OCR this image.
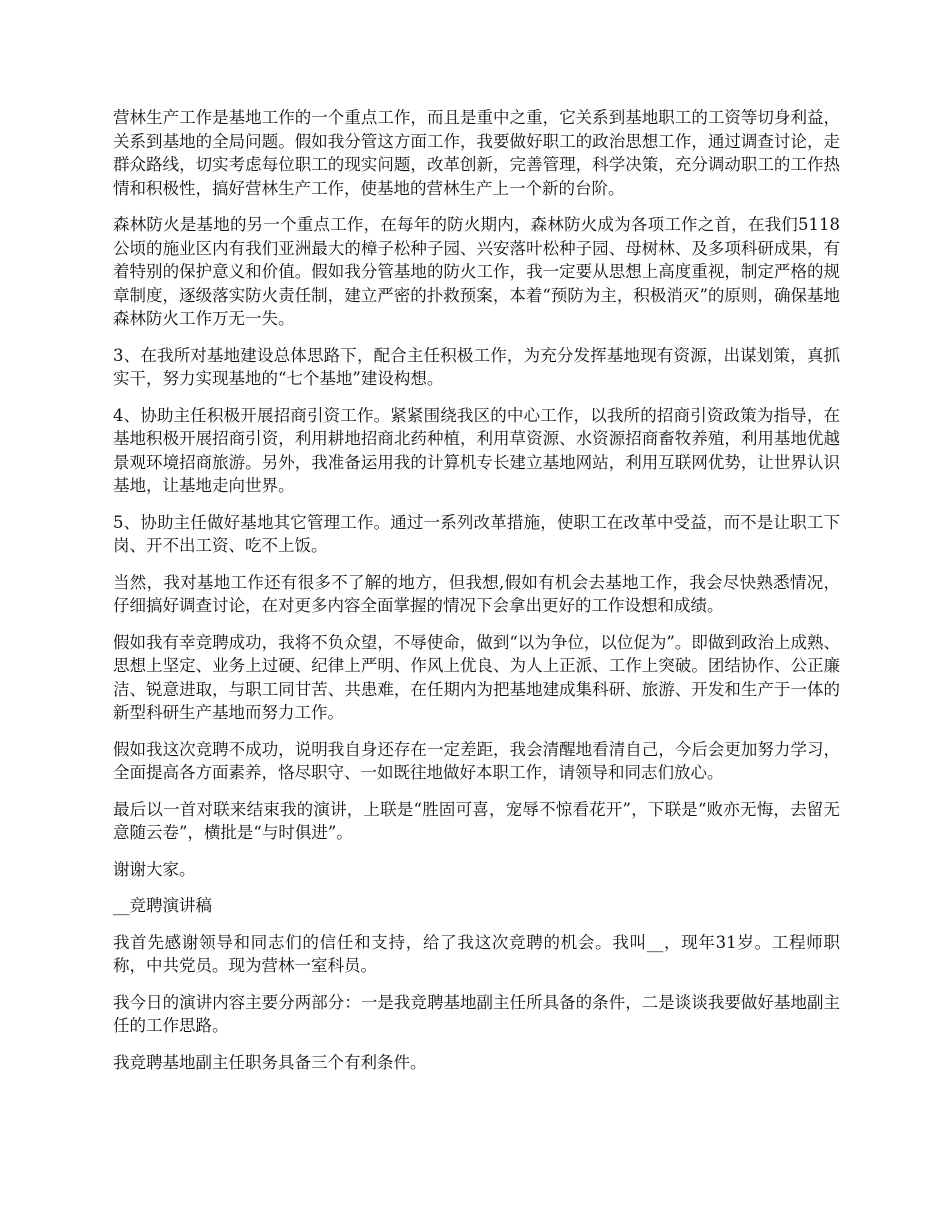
营林生产工作是基地工作的一个重点工作，而且是重中之重，它关系到基地职工的工资等切身利益，关系到基地的全局问题。假如我分管这方面工作，我要做好职工的政治思想工作，通过调查讨论，走群众路线，切实考虑每位职工的现实问题，改革创新，完善管理，科学决策，充分调动职工的工作热情和积极性，搞好营林生产工作，使基地的营林生产上一个新的台阶。

森林防火是基地的另一个重点工作，在每年的防火期内，森林防火成为各项工作之首，在我们5118公顷的施业区内有我们亚洲最大的樟子松种子园、兴安落叶松种子园、母树林、及多项科研成果，有着特别的保护意义和价值。假如我分管基地的防火工作，我一定要从思想上高度重视，制定严格的规章制度，逐级落实防火责任制，建立严密的扑救预案，本着“预防为主，积极消灭”的原则，确保基地森林防火工作万无一失。

3、在我所对基地建设总体思路下，配合主任积极工作，为充分发挥基地现有资源，出谋划策，真抓实干，努力实现基地的“七个基地”建设构想。

4、协助主任积极开展招商引资工作。紧紧围绕我区的中心工作，以我所的招商引资政策为指导，在基地积极开展招商引资，利用耕地招商北药种植，利用草资源、水资源招商畜牧养殖，利用基地优越景观环境招商旅游。另外，我准备运用我的计算机专长建立基地网站，利用互联网优势，让世界认识基地，让基地走向世界。

5、协助主任做好基地其它管理工作。通过一系列改革措施，使职工在改革中受益，而不是让职工下岗、开不出工资、吃不上饭。

当然，我对基地工作还有很多不了解的地方，但我想,假如有机会去基地工作，我会尽快熟悉情况，仔细搞好调查讨论，在对更多内容全面掌握的情况下会拿出更好的工作设想和成绩。

假如我有幸竞聘成功，我将不负众望，不辱使命，做到“以为争位，以位促为”。即做到政治上成熟、思想上坚定、业务上过硬、纪律上严明、作风上优良、为人上正派、工作上突破。团结协作、公正廉洁、锐意进取，与职工同甘苦、共患难，在任期内为把基地建成集科研、旅游、开发和生产于一体的新型科研生产基地而努力工作。

假如我这次竞聘不成功，说明我自身还存在一定差距，我会清醒地看清自己，今后会更加努力学习，全面提高各方面素养，恪尽职守、一如既往地做好本职工作，请领导和同志们放心。

最后以一首对联来结束我的演讲，上联是“胜固可喜，宠辱不惊看花开”，下联是“败亦无悔，去留无意随云卷”，横批是“与时俱进”。

谢谢大家。

__竞聘演讲稿

我首先感谢领导和同志们的信任和支持，给了我这次竞聘的机会。我叫__，现年31岁。工程师职称，中共党员。现为营林一室科员。

我今日的演讲内容主要分两部分：一是我竞聘基地副主任所具备的条件，二是谈谈我要做好基地副主任的工作思路。

我竞聘基地副主任职务具备三个有利条件。
